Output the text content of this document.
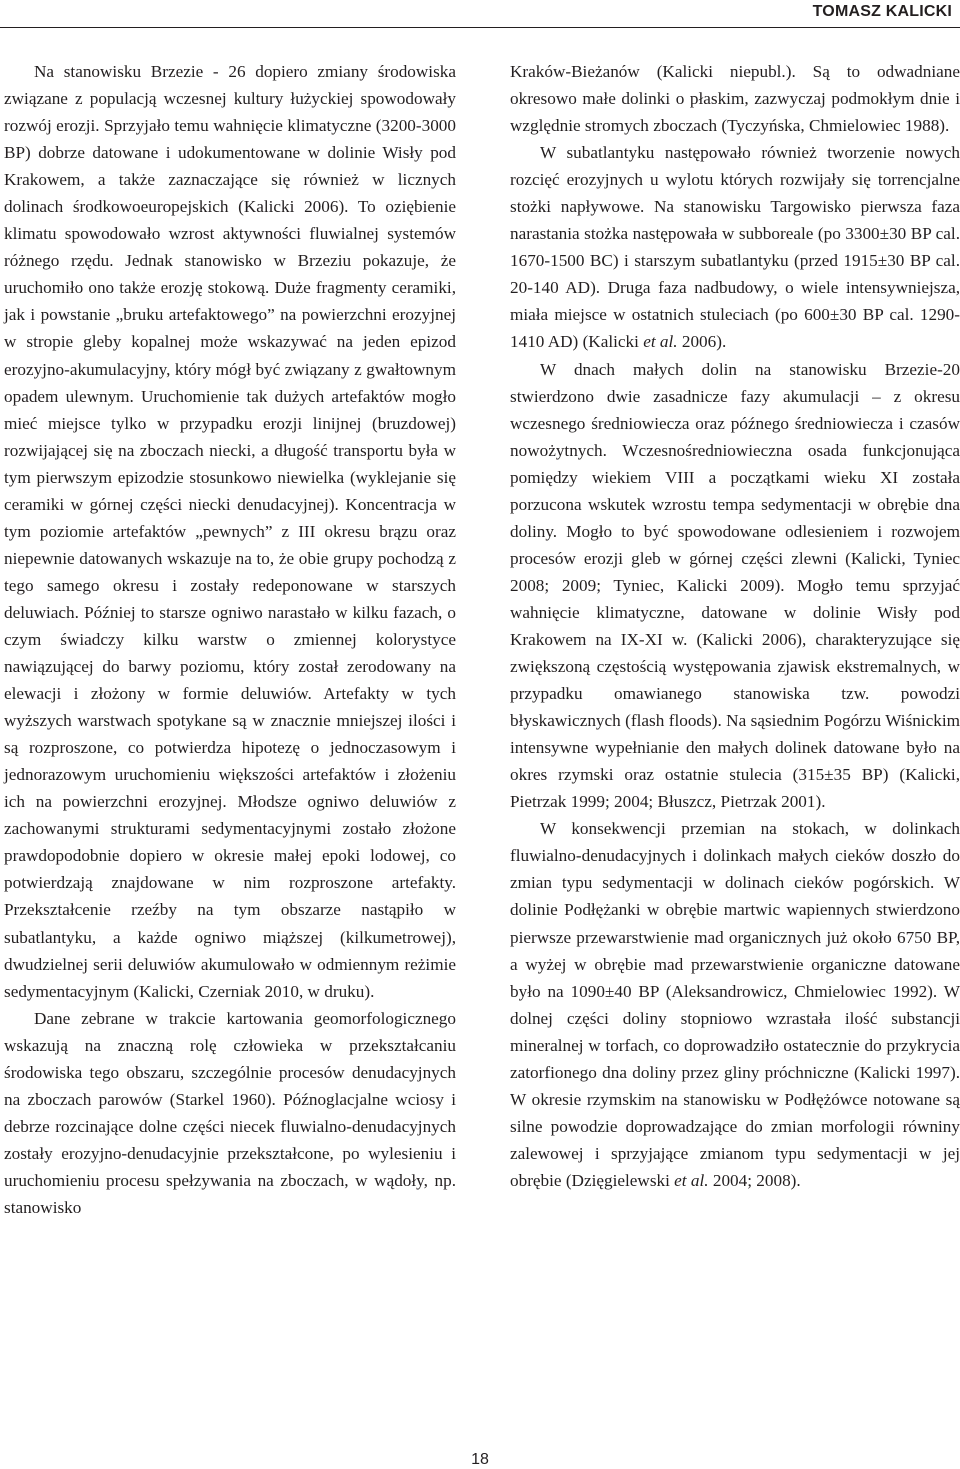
TOMASZ KALICKI

Na stanowisku Brzezie - 26 dopiero zmiany środowiska związane z populacją wczesnej kultury łużyckiej spowodowały rozwój erozji. Sprzyjało temu wahnięcie klimatyczne (3200-3000 BP) dobrze datowane i udokumentowane w dolinie Wisły pod Krakowem, a także zaznaczające się również w licznych dolinach środkowoeuropejskich (Kalicki 2006). To oziębienie klimatu spowodowało wzrost aktywności fluwialnej systemów różnego rzędu. Jednak stanowisko w Brzeziu pokazuje, że uruchomiło ono także erozję stokową. Duże fragmenty ceramiki, jak i powstanie „bruku artefaktowego” na powierzchni erozyjnej w stropie gleby kopalnej może wskazywać na jeden epizod erozyjno-akumulacyjny, który mógł być związany z gwałtownym opadem ulewnym. Uruchomienie tak dużych artefaktów mogło mieć miejsce tylko w przypadku erozji linijnej (bruzdowej) rozwijającej się na zboczach niecki, a długość transportu była w tym pierwszym epizodzie stosunkowo niewielka (wyklejanie się ceramiki w górnej części niecki denudacyjnej). Koncentracja w tym poziomie artefaktów „pewnych” z III okresu brązu oraz niepewnie datowanych wskazuje na to, że obie grupy pochodzą z tego samego okresu i zostały redeponowane w starszych deluwiach. Później to starsze ogniwo narastało w kilku fazach, o czym świadczy kilku warstw o zmiennej kolorystyce nawiązującej do barwy poziomu, który został zerodowany na elewacji i złożony w formie deluwiów. Artefakty w tych wyższych warstwach spotykane są w znacznie mniejszej ilości i są rozproszone, co potwierdza hipotezę o jednoczasowym i jednorazowym uruchomieniu większości artefaktów i złożeniu ich na powierzchni erozyjnej. Młodsze ogniwo deluwiów z zachowanymi strukturami sedymentacyjnymi zostało złożone prawdopodobnie dopiero w okresie małej epoki lodowej, co potwierdzają znajdowane w nim rozproszone artefakty. Przekształcenie rzeźby na tym obszarze nastąpiło w subatlantyku, a każde ogniwo miąższej (kilkumetrowej), dwudzielnej serii deluwiów akumulowało w odmiennym reżimie sedymentacyjnym (Kalicki, Czerniak 2010, w druku).

Dane zebrane w trakcie kartowania geomorfologicznego wskazują na znaczną rolę człowieka w przekształcaniu środowiska tego obszaru, szczególnie procesów denudacyjnych na zboczach parowów (Starkel 1960). Późnoglacjalne wciosy i debrze rozcinające dolne części niecek fluwialno-denudacyjnych zostały erozyjno-denudacyjnie przekształcone, po wylesieniu i uruchomieniu procesu spełzywania na zboczach, w wądoły, np. stanowisko

Kraków-Bieżanów (Kalicki niepubl.). Są to odwadniane okresowo małe dolinki o płaskim, zazwyczaj podmokłym dnie i względnie stromych zboczach (Tyczyńska, Chmielowiec 1988).

W subatlantyku następowało również tworzenie nowych rozcięć erozyjnych u wylotu których rozwijały się torrencjalne stożki napływowe. Na stanowisku Targowisko pierwsza faza narastania stożka następowała w subboreale (po 3300±30 BP cal. 1670-1500 BC) i starszym subatlantyku (przed 1915±30 BP cal. 20-140 AD). Druga faza nadbudowy, o wiele intensywniejsza, miała miejsce w ostatnich stuleciach (po 600±30 BP cal. 1290-1410 AD) (Kalicki et al. 2006).

W dnach małych dolin na stanowisku Brzezie-20 stwierdzono dwie zasadnicze fazy akumulacji – z okresu wczesnego średniowiecza oraz późnego średniowiecza i czasów nowożytnych. Wczesnośredniowieczna osada funkcjonująca pomiędzy wiekiem VIII a początkami wieku XI została porzucona wskutek wzrostu tempa sedymentacji w obrębie dna doliny. Mogło to być spowodowane odlesieniem i rozwojem procesów erozji gleb w górnej części zlewni (Kalicki, Tyniec 2008; 2009; Tyniec, Kalicki 2009). Mogło temu sprzyjać wahnięcie klimatyczne, datowane w dolinie Wisły pod Krakowem na IX-XI w. (Kalicki 2006), charakteryzujące się zwiększoną częstością występowania zjawisk ekstremalnych, w przypadku omawianego stanowiska tzw. powodzi błyskawicznych (flash floods). Na sąsiednim Pogórzu Wiśnickim intensywne wypełnianie den małych dolinek datowane było na okres rzymski oraz ostatnie stulecia (315±35 BP) (Kalicki, Pietrzak 1999; 2004; Błuszcz, Pietrzak 2001).

W konsekwencji przemian na stokach, w dolinkach fluwialno-denudacyjnych i dolinkach małych cieków doszło do zmian typu sedymentacji w dolinach cieków pogórskich. W dolinie Podłężanki w obrębie martwic wapiennych stwierdzono pierwsze przewarstwienie mad organicznych już około 6750 BP, a wyżej w obrębie mad przewarstwienie organiczne datowane było na 1090±40 BP (Aleksandrowicz, Chmielowiec 1992). W dolnej części doliny stopniowo wzrastała ilość substancji mineralnej w torfach, co doprowadziło ostatecznie do przykrycia zatorfionego dna doliny przez gliny próchniczne (Kalicki 1997). W okresie rzymskim na stanowisku w Podłężówce notowane są silne powodzie doprowadzające do zmian morfologii równiny zalewowej i sprzyjające zmianom typu sedymentacji w jej obrębie (Dzięgielewski et al. 2004; 2008).

18
